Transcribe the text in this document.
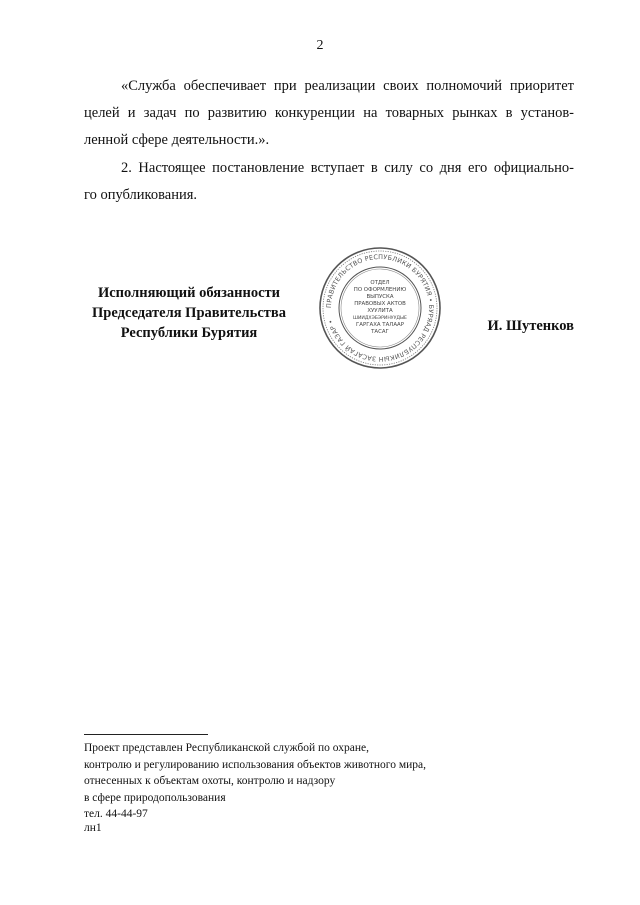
2
«Служба обеспечивает при реализации своих полномочий приоритет
целей и задач по развитию конкуренции на товарных рынках в установ-
ленной сфере деятельности.».
2. Настоящее постановление вступает в силу со дня его официально-
го опубликования.
Исполняющий обязанности
Председателя Правительства
Республики Бурятия
ПРАВИТЕЛЬСТВО РЕСПУБЛИКИ БУРЯТИЯ • БУРЯАД РЕСПУБЛИКЫН ЗАСАГАЙ ГАЗАР •
ОТДЕЛ
ПО ОФОРМЛЕНИЮ
ВЫПУСКА
ПРАВОВЫХ АКТОВ
ХУУЛИТА
ШИИДХЭБЭРИНУУДЫЕ
ГАРГАХА ТАЛААР
ТАСАГ	И. Шутенков
Проект представлен Республиканской службой по охране,
контролю и регулированию использования объектов животного мира,
отнесенных к объектам охоты, контролю и надзору
в сфере природопользования
тел. 44-44-97
лн1
